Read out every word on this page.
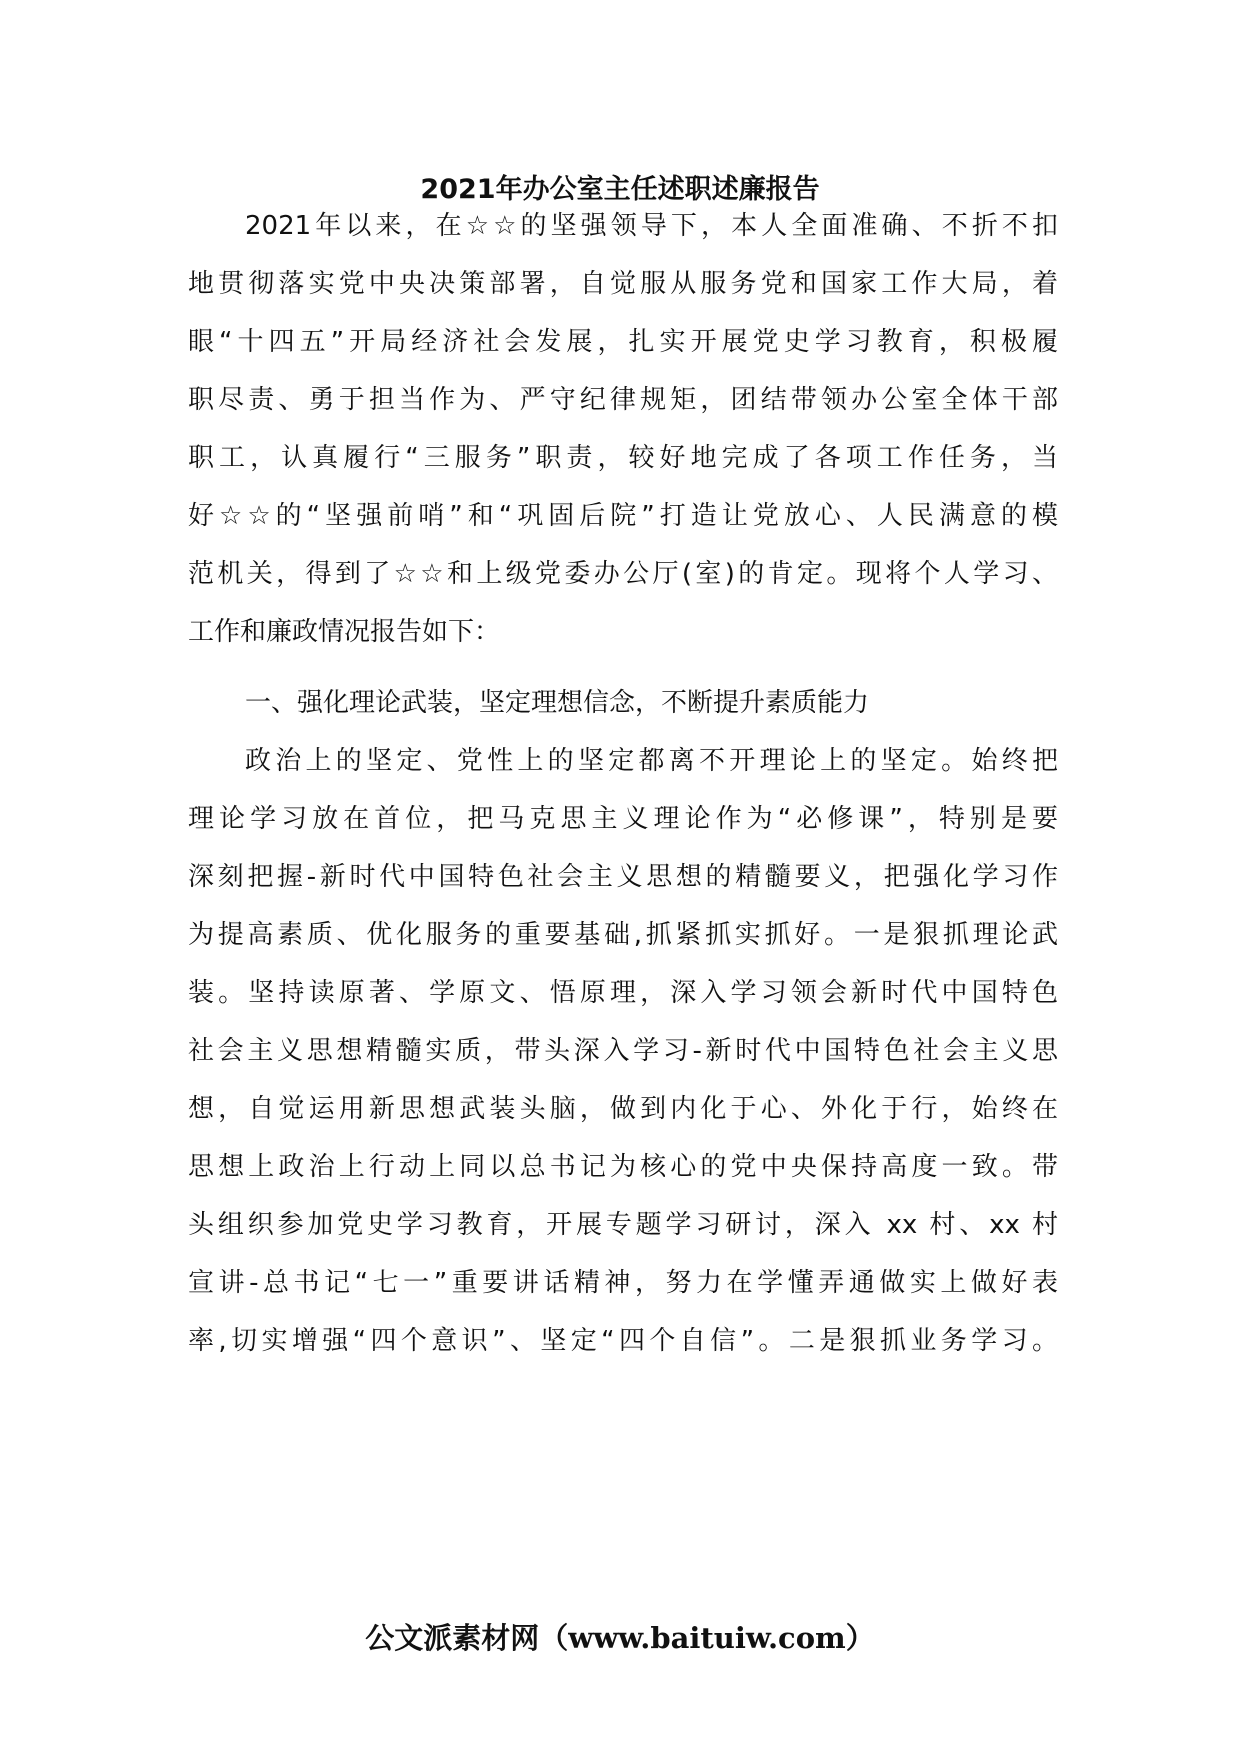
2021年办公室主任述职述廉报告
2021年以来，在☆☆的坚强领导下，本人全面准确、不折不扣
地贯彻落实党中央决策部署，自觉服从服务党和国家工作大局，着
眼“十四五”开局经济社会发展，扎实开展党史学习教育，积极履
职尽责、勇于担当作为、严守纪律规矩，团结带领办公室全体干部
职工，认真履行“三服务”职责，较好地完成了各项工作任务，当
好☆☆的“坚强前哨”和“巩固后院”打造让党放心、人民满意的模
范机关，得到了☆☆和上级党委办公厅(室)的肯定。现将个人学习、
工作和廉政情况报告如下：
一、强化理论武装，坚定理想信念，不断提升素质能力
政治上的坚定、党性上的坚定都离不开理论上的坚定。始终把
理论学习放在首位，把马克思主义理论作为“必修课”，特别是要
深刻把握-新时代中国特色社会主义思想的精髓要义，把强化学习作
为提高素质、优化服务的重要基础,抓紧抓实抓好。一是狠抓理论武
装。坚持读原著、学原文、悟原理，深入学习领会新时代中国特色
社会主义思想精髓实质，带头深入学习-新时代中国特色社会主义思
想，自觉运用新思想武装头脑，做到内化于心、外化于行，始终在
思想上政治上行动上同以总书记为核心的党中央保持高度一致。带
头组织参加党史学习教育，开展专题学习研讨，深入 xx 村、xx 村
宣讲-总书记“七一”重要讲话精神，努力在学懂弄通做实上做好表
率,切实增强“四个意识”、坚定“四个自信”。二是狠抓业务学习。
公文派素材网（www.baituiw.com）
